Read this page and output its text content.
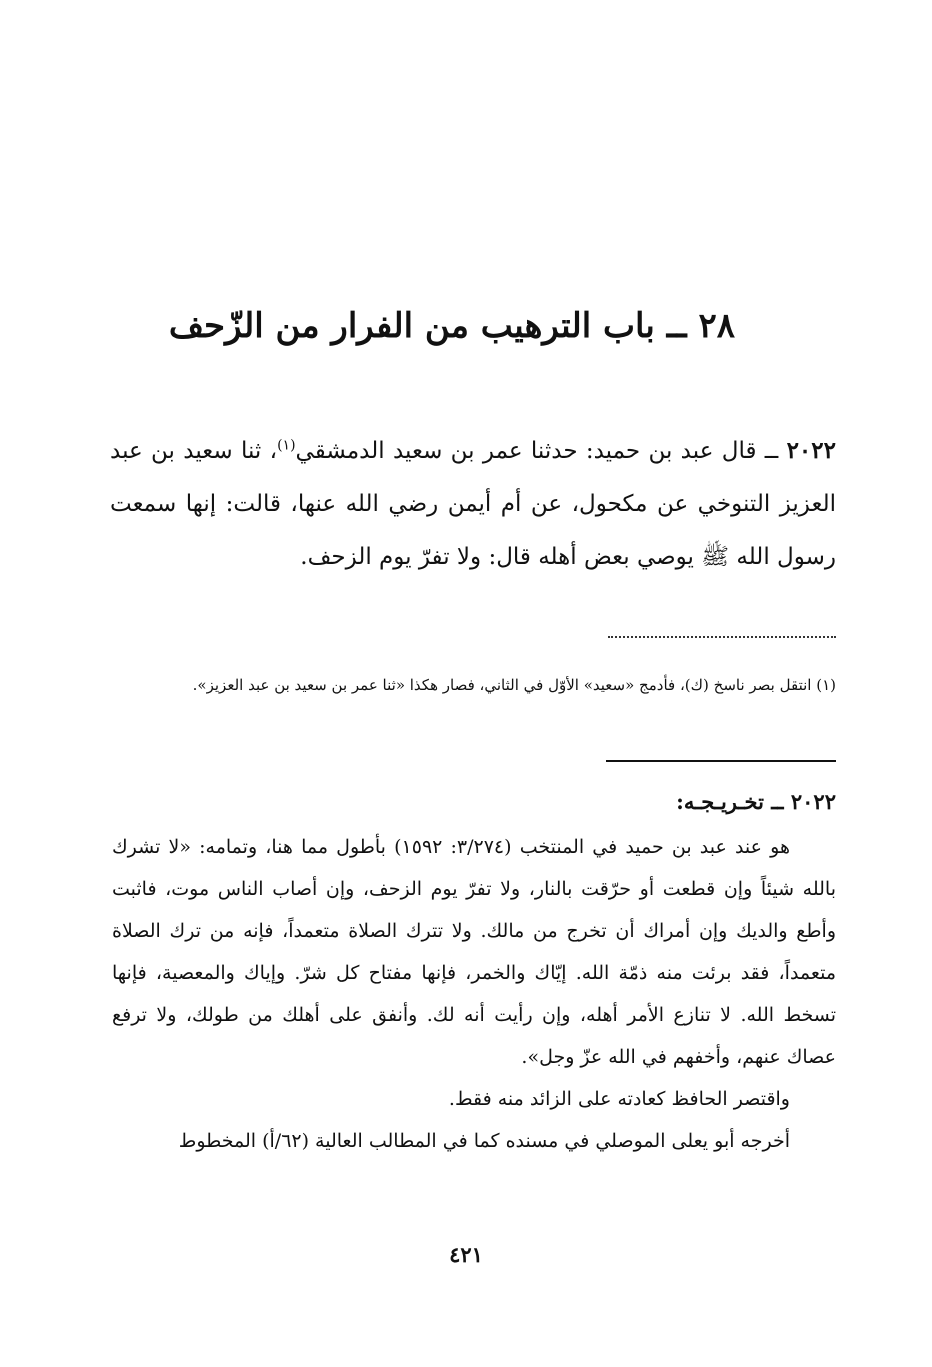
٢٨ ــ باب الترهيب من الفرار من الزّحف
٢٠٢٢ ــ قال عبد بن حميد: حدثنا عمر بن سعيد الدمشقي$^{(١)}$، ثنا سعيد بن عبد العزيز التنوخي عن مكحول، عن أم أيمن رضي الله عنها، قالت: إنها سمعت رسول الله ﷺ يوصي بعض أهله قال: ولا تفرّ يوم الزحف.
(١) انتقل بصر ناسخ (ك)، فأدمج «سعيد» الأوّل في الثاني، فصار هكذا «ثنا عمر بن سعيد بن عبد العزيز».
٢٠٢٢ ــ تخـريـجـه:

هو عند عبد بن حميد في المنتخب (٣/٢٧٤: ١٥٩٢) بأطول مما هنا، وتمامه: «لا تشرك بالله شيئاً وإن قطعت أو حرّقت بالنار، ولا تفرّ يوم الزحف، وإن أصاب الناس موت، فاثبت وأطع والديك وإن أمراك أن تخرج من مالك. ولا تترك الصلاة متعمداً، فإنه من ترك الصلاة متعمداً، فقد برئت منه ذمّة الله. إيّاك والخمر، فإنها مفتاح كل شرّ. وإياك والمعصية، فإنها تسخط الله. لا تنازع الأمر أهله، وإن رأيت أنه لك. وأنفق على أهلك من طولك، ولا ترفع عصاك عنهم، وأخفهم في الله عزّ وجل».

واقتصر الحافظ كعادته على الزائد منه فقط.

أخرجه أبو يعلى الموصلي في مسنده كما في المطالب العالية (٦٢/أ) المخطوط

٤٢١
